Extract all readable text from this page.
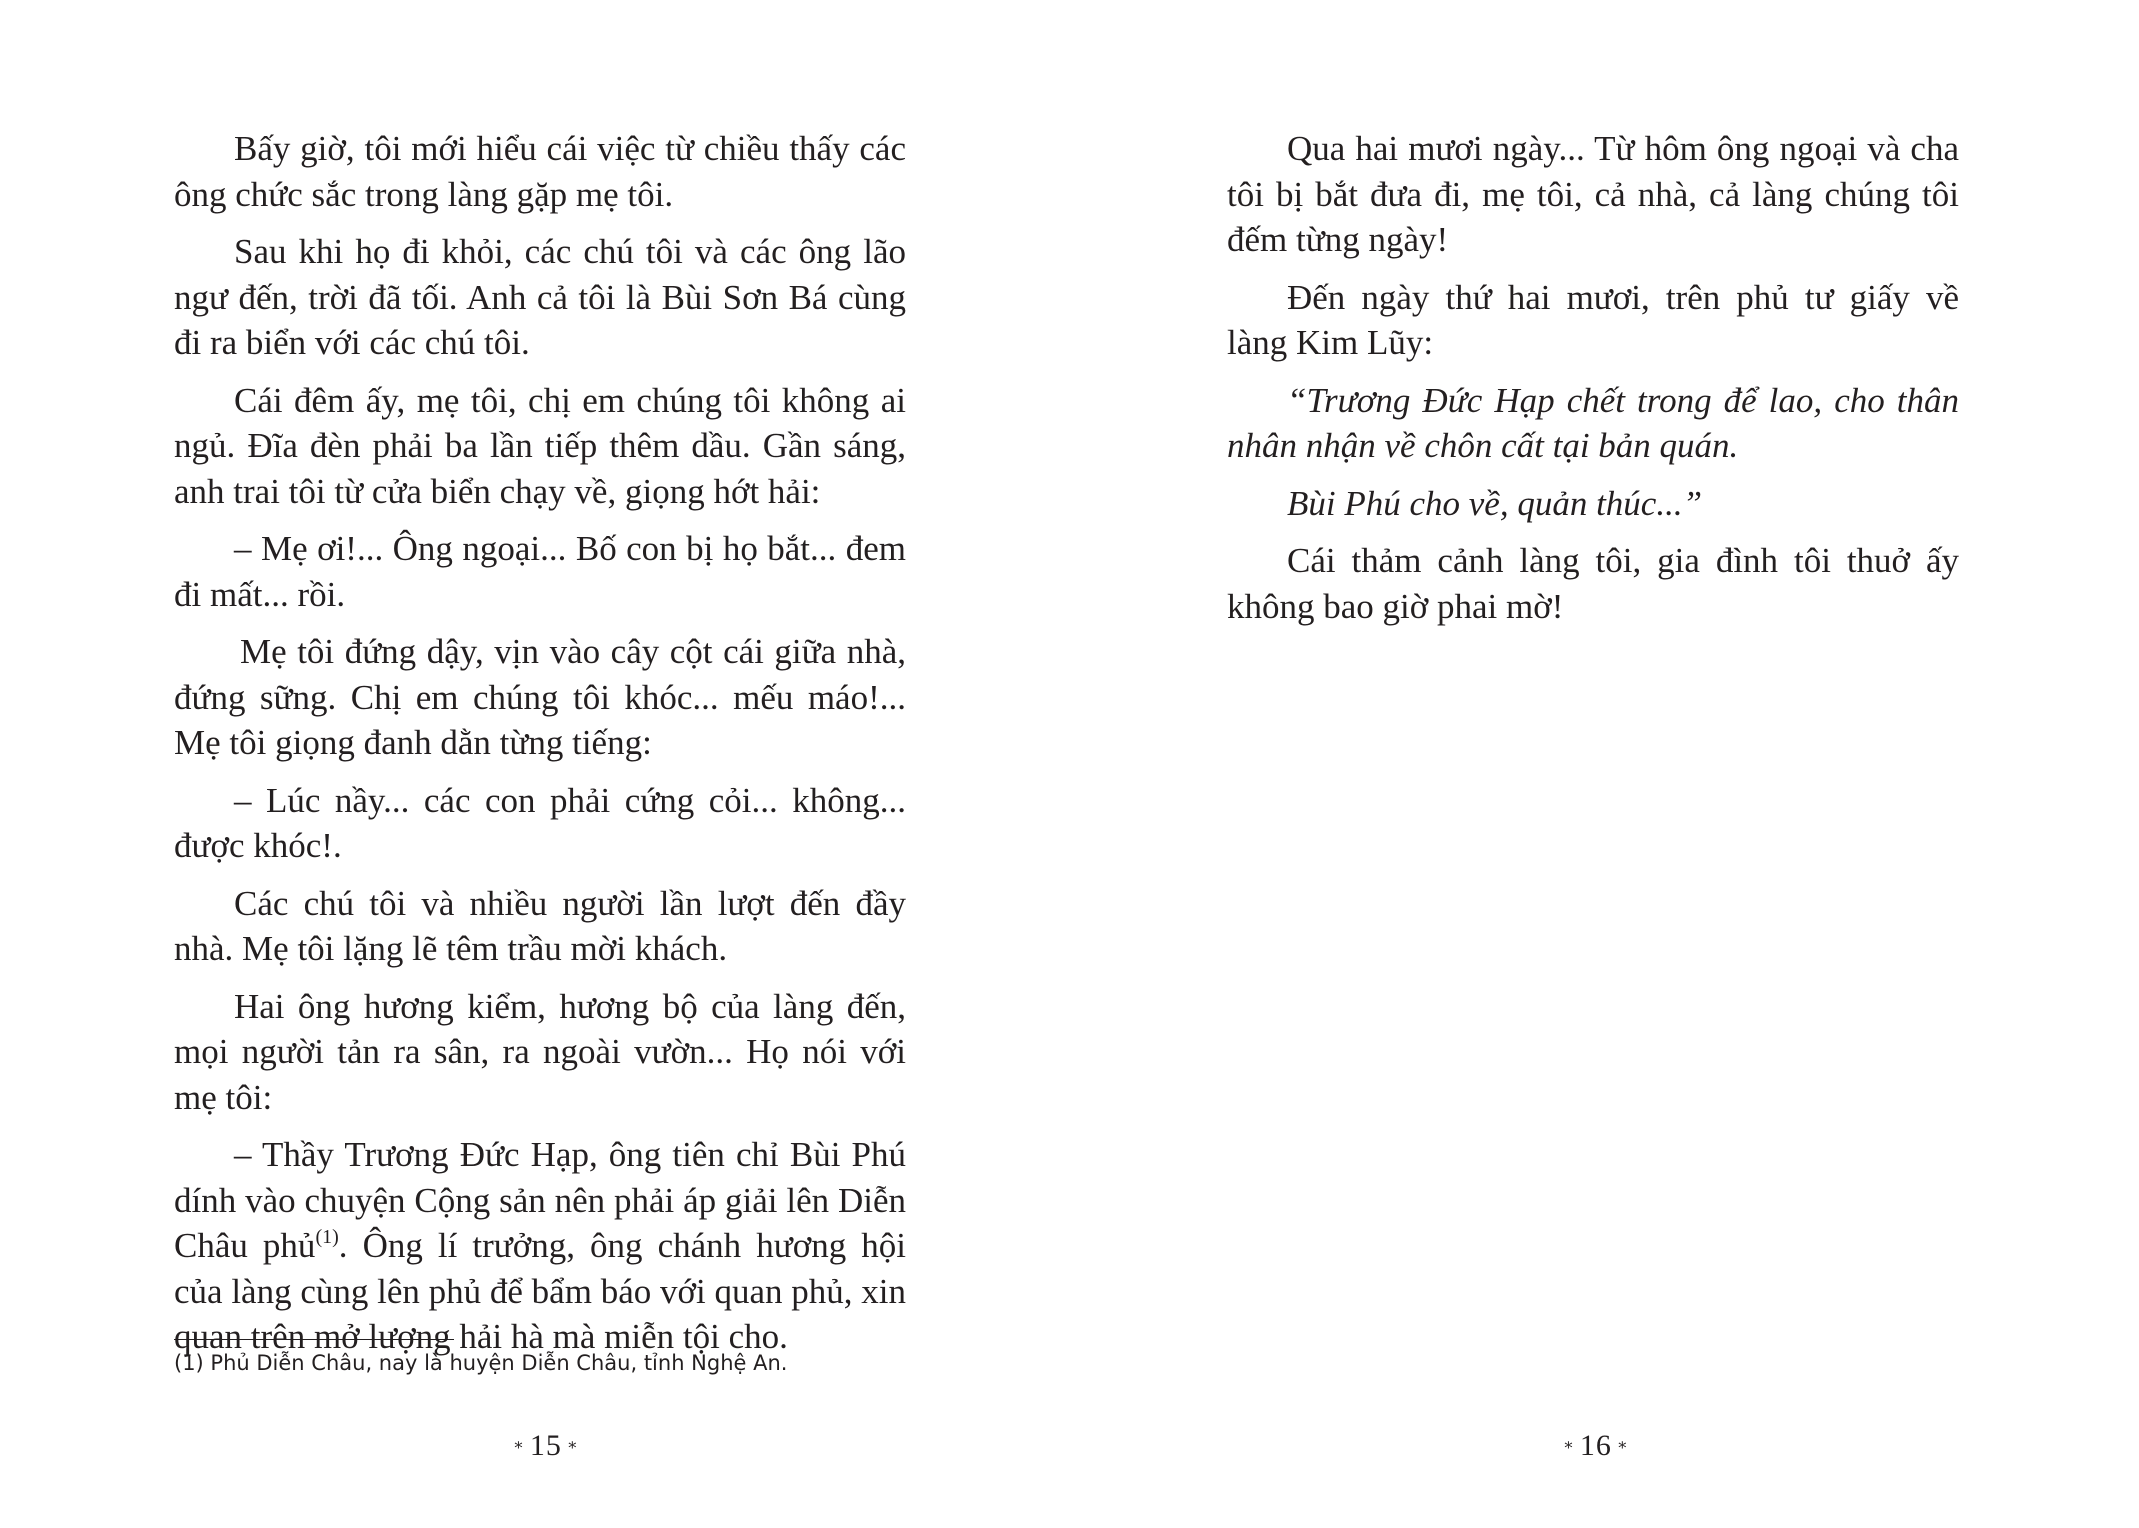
Bấy giờ, tôi mới hiểu cái việc từ chiều thấy các ông chức sắc trong làng gặp mẹ tôi.

Sau khi họ đi khỏi, các chú tôi và các ông lão ngư đến, trời đã tối. Anh cả tôi là Bùi Sơn Bá cùng đi ra biển với các chú tôi.

Cái đêm ấy, mẹ tôi, chị em chúng tôi không ai ngủ. Đĩa đèn phải ba lần tiếp thêm dầu. Gần sáng, anh trai tôi từ cửa biển chạy về, giọng hớt hải:

– Mẹ ơi!... Ông ngoại... Bố con bị họ bắt... đem đi mất... rồi.

Mẹ tôi đứng dậy, vịn vào cây cột cái giữa nhà, đứng sững. Chị em chúng tôi khóc... mếu máo!... Mẹ tôi giọng đanh dằn từng tiếng:

– Lúc nầy... các con phải cứng cỏi... không... được khóc!.

Các chú tôi và nhiều người lần lượt đến đầy nhà. Mẹ tôi lặng lẽ têm trầu mời khách.

Hai ông hương kiểm, hương bộ của làng đến, mọi người tản ra sân, ra ngoài vườn... Họ nói với mẹ tôi:

– Thầy Trương Đức Hạp, ông tiên chỉ Bùi Phú dính vào chuyện Cộng sản nên phải áp giải lên Diễn Châu phủ$^{(1)}$. Ông lí trưởng, ông chánh hương hội của làng cùng lên phủ để bẩm báo với quan phủ, xin quan trên mở lượng hải hà mà miễn tội cho.

(1) Phủ Diễn Châu, nay là huyện Diễn Châu, tỉnh Nghệ An.

∗ 15 ∗

Qua hai mươi ngày... Từ hôm ông ngoại và cha tôi bị bắt đưa đi, mẹ tôi, cả nhà, cả làng chúng tôi đếm từng ngày!

Đến ngày thứ hai mươi, trên phủ tư giấy về làng Kim Lũy:

“Trương Đức Hạp chết trong để lao, cho thân nhân nhận về chôn cất tại bản quán.

Bùi Phú cho về, quản thúc...”

Cái thảm cảnh làng tôi, gia đình tôi thuở ấy không bao giờ phai mờ!

∗ 16 ∗
